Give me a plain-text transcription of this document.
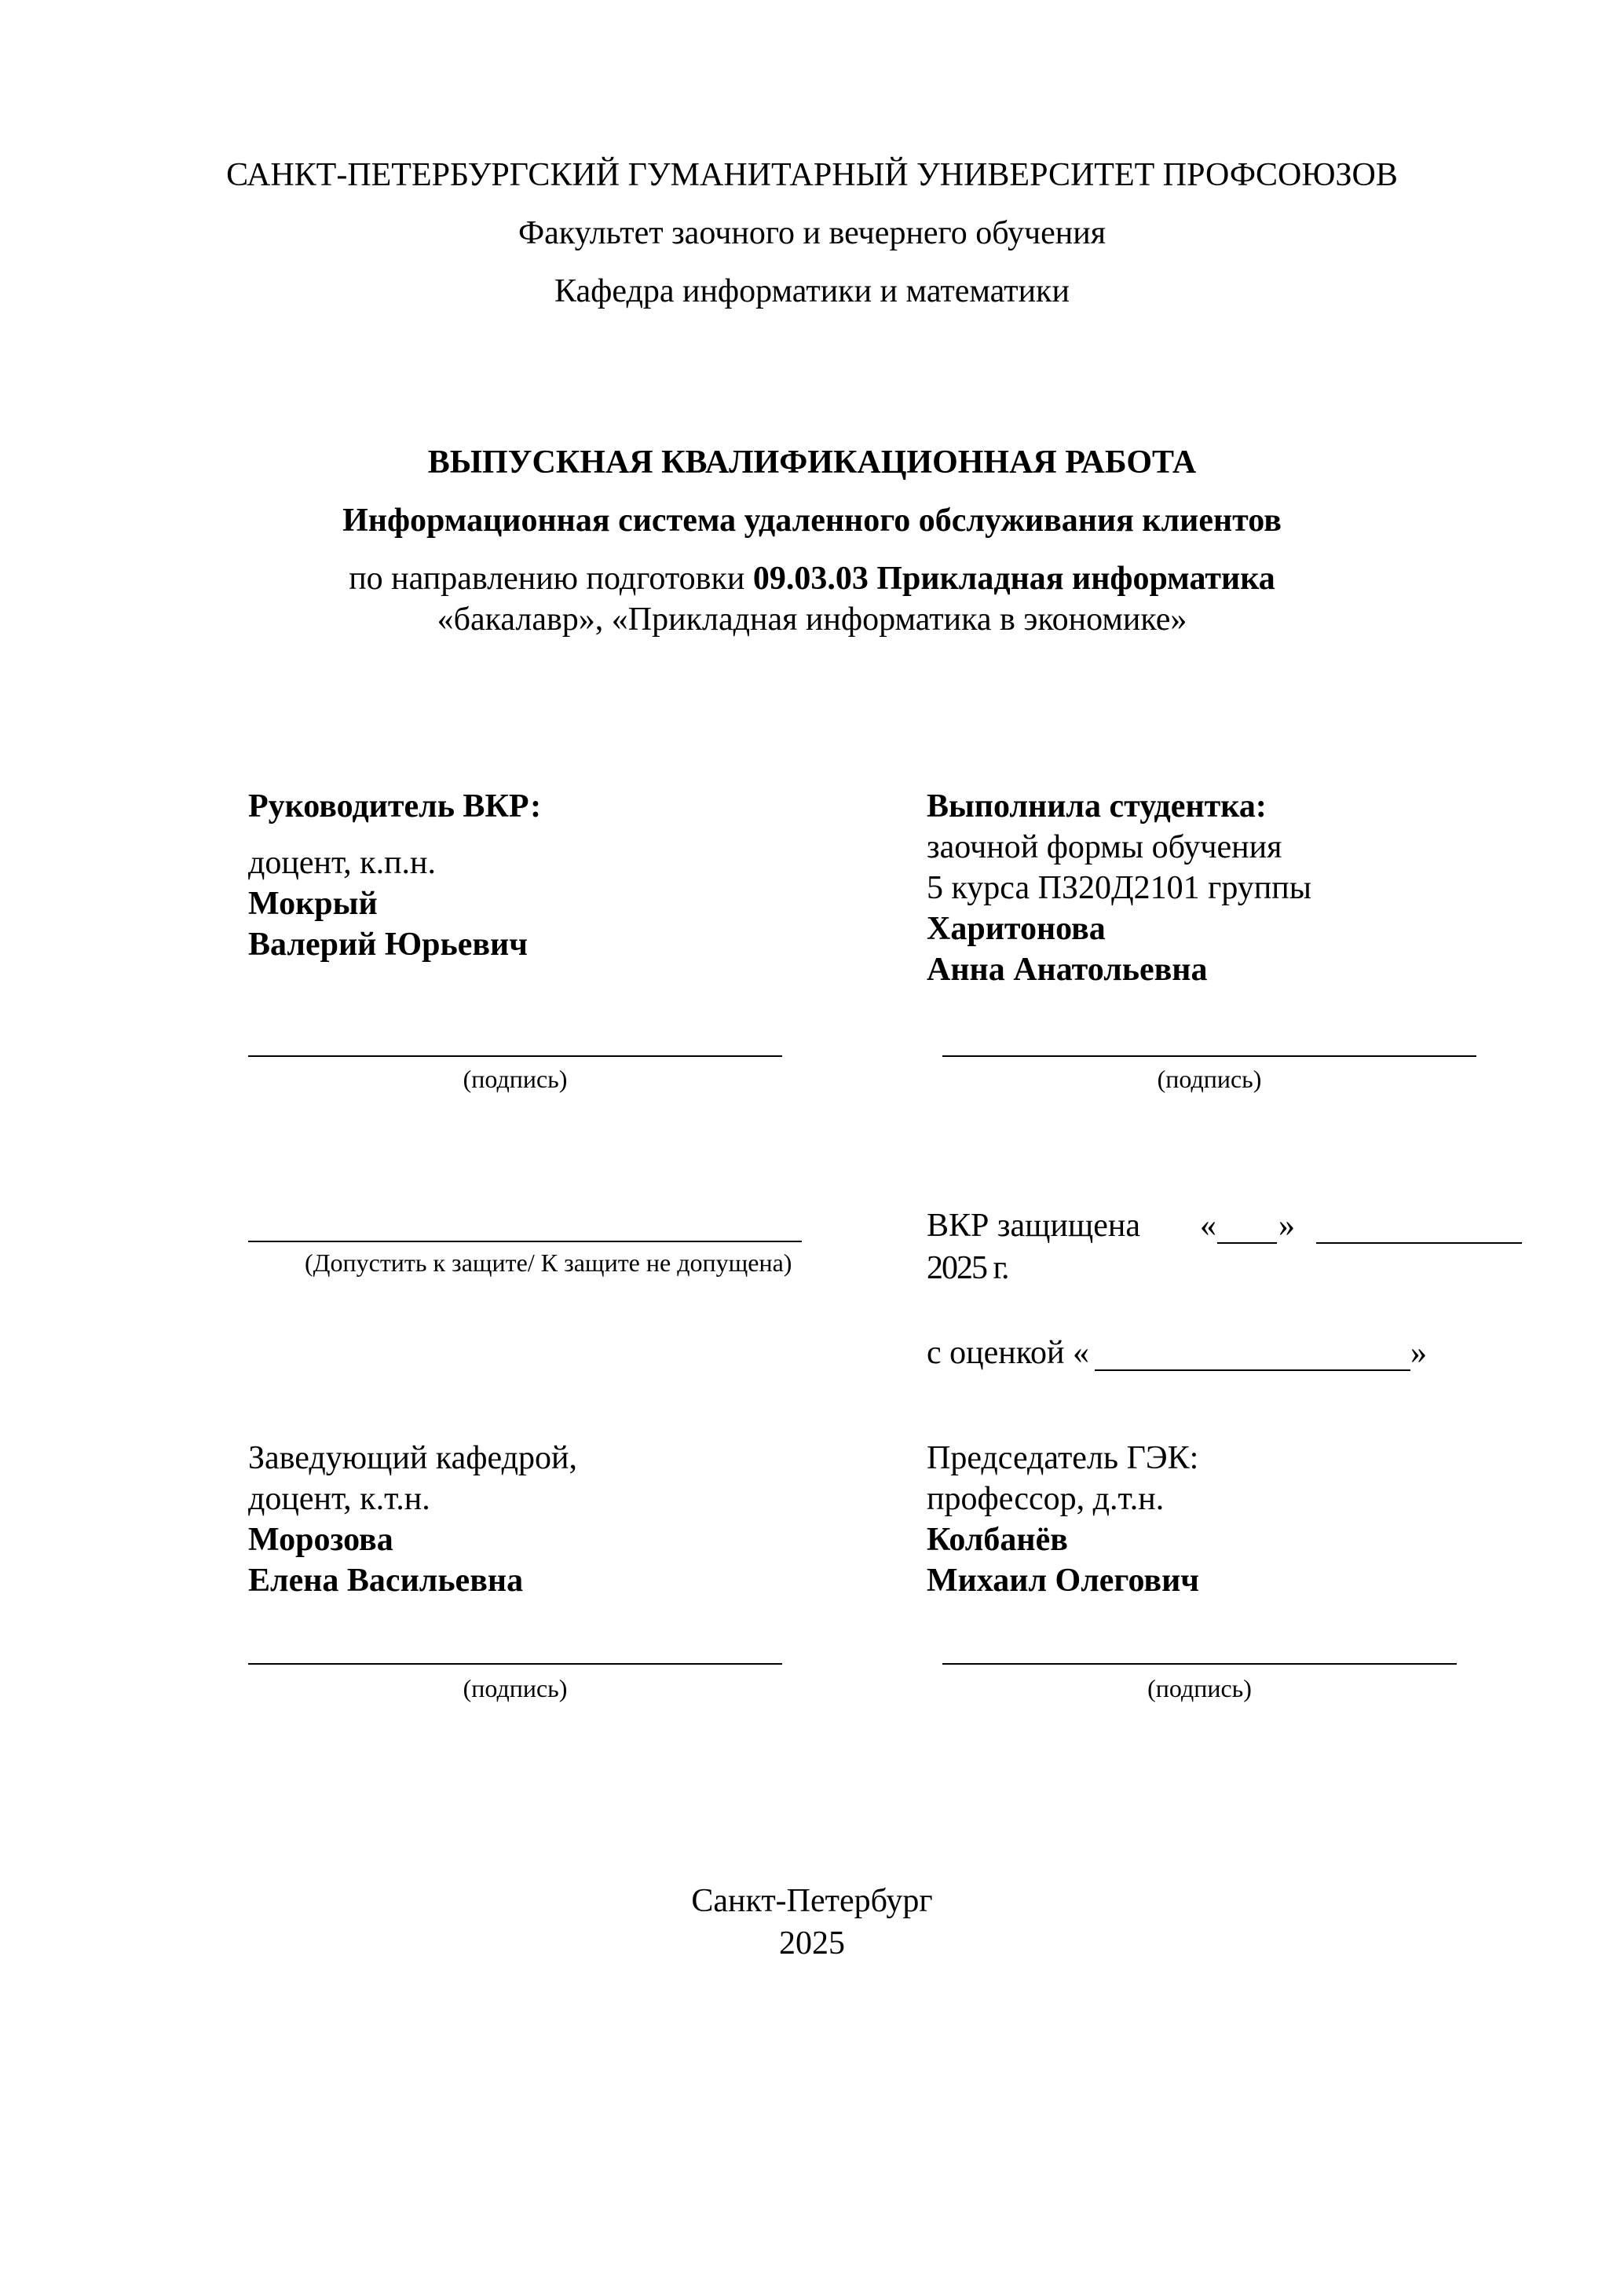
САНКТ-ПЕТЕРБУРГСКИЙ ГУМАНИТАРНЫЙ УНИВЕРСИТЕТ ПРОФСОЮЗОВ
Факультет заочного и вечернего обучения
Кафедра информатики и математики
ВЫПУСКНАЯ КВАЛИФИКАЦИОННАЯ РАБОТА
Информационная система удаленного обслуживания клиентов
по направлению подготовки 09.03.03 Прикладная информатика
«бакалавр», «Прикладная информатика в экономике»
Руководитель ВКР:
доцент, к.п.н.
Мокрый
Валерий Юрьевич
(подпись)
Выполнила студентка:
заочной формы обучения
5 курса ПЗ20Д2101 группы
Харитонова
Анна Анатольевна
(подпись)
(Допустить к защите/ К защите не допущена)
ВКР защищена « »
2025 г.
с оценкой «	»
Заведующий кафедрой,
доцент, к.т.н.
Морозова
Елена Васильевна
(подпись)
Председатель ГЭК:
профессор, д.т.н.
Колбанёв
Михаил Олегович
(подпись)
Санкт-Петербург
2025
